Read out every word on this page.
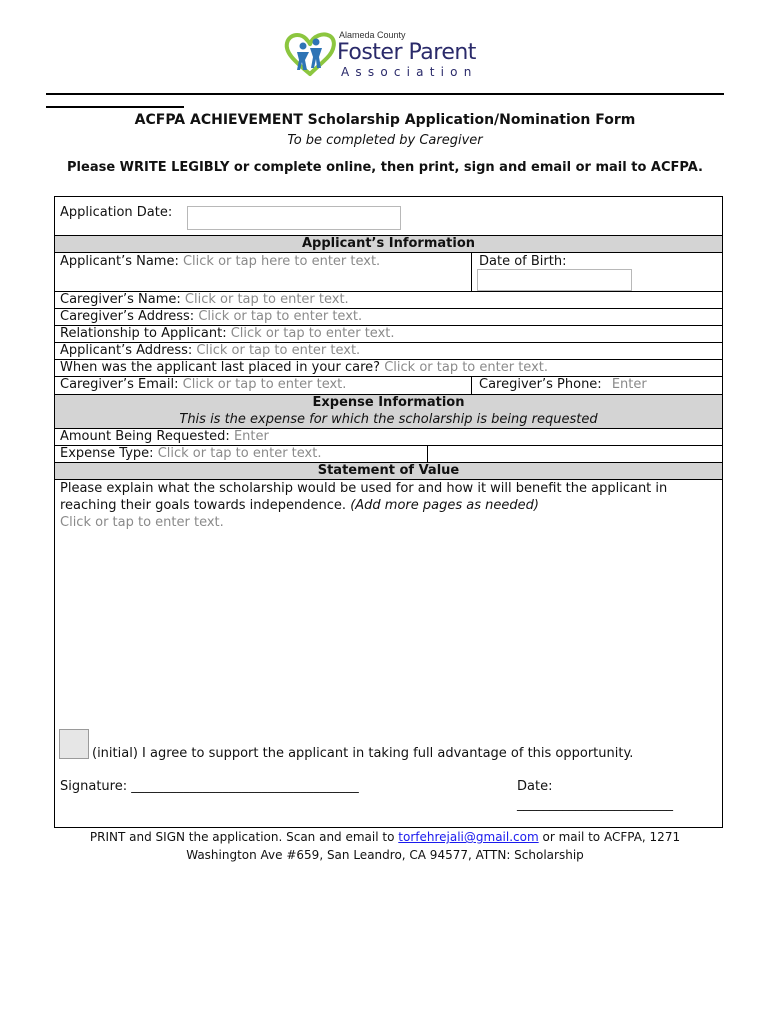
Alameda County
Foster Parent
Association
ACFPA ACHIEVEMENT Scholarship Application/Nomination Form
To be completed by Caregiver
Please WRITE LEGIBLY or complete online, then print, sign and email or mail to ACFPA.
Application Date:
Applicant’s Information
Applicant’s Name: Click or tap here to enter text.	Date of Birth:
Caregiver’s Name: Click or tap to enter text.
Caregiver’s Address: Click or tap to enter text.
Relationship to Applicant: Click or tap to enter text.
Applicant’s Address: Click or tap to enter text.
When was the applicant last placed in your care? Click or tap to enter text.
Caregiver’s Email: Click or tap to enter text.	Caregiver’s Phone: Enter
Expense Information
This is the expense for which the scholarship is being requested
Amount Being Requested: Enter
Expense Type: Click or tap to enter text.
Statement of Value
Please explain what the scholarship would be used for and how it will benefit the applicant in reaching their goals towards independence. (Add more pages as needed)
Click or tap to enter text.
(initial) I agree to support the applicant in taking full advantage of this opportunity.
Signature: ___________________________________	Date:
________________________
PRINT and SIGN the application. Scan and email to torfehrejali@gmail.com or mail to ACFPA, 1271 Washington Ave #659, San Leandro, CA 94577, ATTN: Scholarship
